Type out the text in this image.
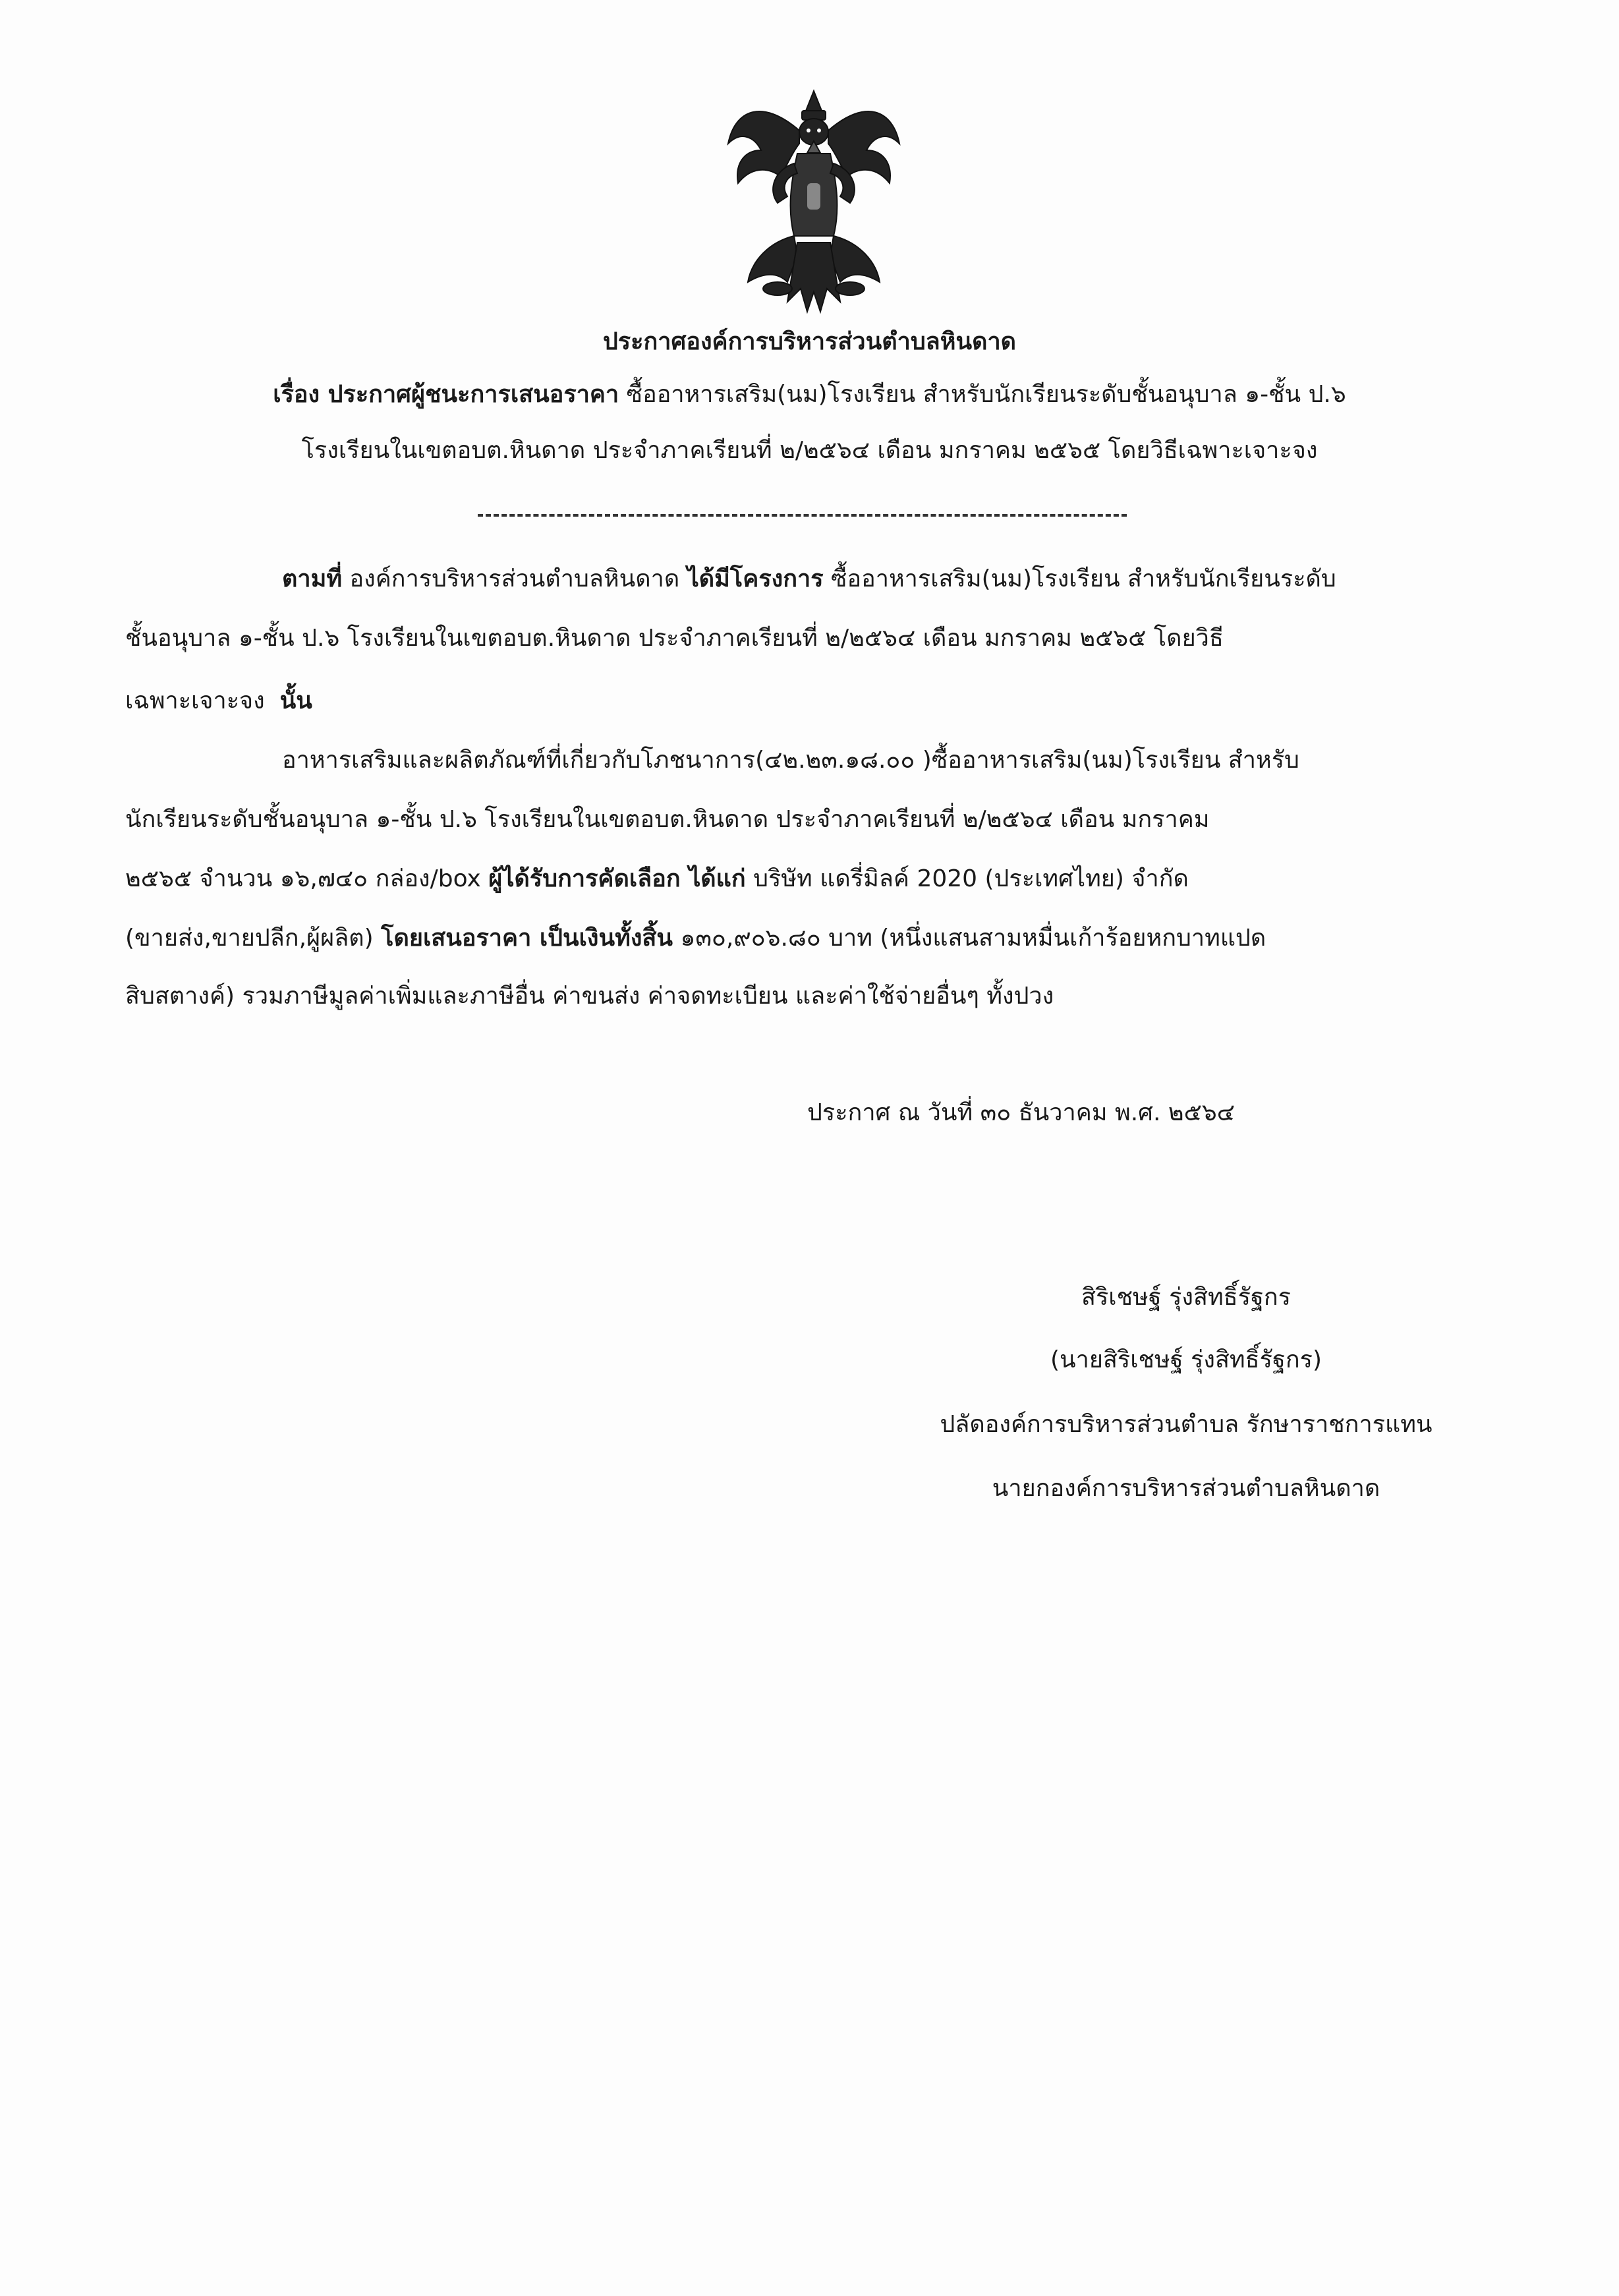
ประกาศองค์การบริหารส่วนตำบลหินดาด
เรื่อง ประกาศผู้ชนะการเสนอราคา ซื้ออาหารเสริม(นม)โรงเรียน สำหรับนักเรียนระดับชั้นอนุบาล ๑-ชั้น ป.๖
โรงเรียนในเขตอบต.หินดาด ประจำภาคเรียนที่ ๒/๒๕๖๔ เดือน มกราคม ๒๕๖๕ โดยวิธีเฉพาะเจาะจง
ตามที่ องค์การบริหารส่วนตำบลหินดาด ได้มีโครงการ ซื้ออาหารเสริม(นม)โรงเรียน สำหรับนักเรียนระดับ
ชั้นอนุบาล ๑-ชั้น ป.๖ โรงเรียนในเขตอบต.หินดาด ประจำภาคเรียนที่ ๒/๒๕๖๔ เดือน มกราคม ๒๕๖๕ โดยวิธี
เฉพาะเจาะจง นั้น
อาหารเสริมและผลิตภัณฑ์ที่เกี่ยวกับโภชนาการ(๔๒.๒๓.๑๘.๐๐ )ซื้ออาหารเสริม(นม)โรงเรียน สำหรับ
นักเรียนระดับชั้นอนุบาล ๑-ชั้น ป.๖ โรงเรียนในเขตอบต.หินดาด ประจำภาคเรียนที่ ๒/๒๕๖๔ เดือน มกราคม
๒๕๖๕ จำนวน ๑๖,๗๔๐ กล่อง/box ผู้ได้รับการคัดเลือก ได้แก่ บริษัท แดรี่มิลค์ 2020 (ประเทศไทย) จำกัด
(ขายส่ง,ขายปลีก,ผู้ผลิต) โดยเสนอราคา เป็นเงินทั้งสิ้น ๑๓๐,๙๐๖.๘๐ บาท (หนึ่งแสนสามหมื่นเก้าร้อยหกบาทแปด
สิบสตางค์) รวมภาษีมูลค่าเพิ่มและภาษีอื่น ค่าขนส่ง ค่าจดทะเบียน และค่าใช้จ่ายอื่นๆ ทั้งปวง
ประกาศ ณ วันที่ ๓๐ ธันวาคม พ.ศ. ๒๕๖๔
สิริเชษฐ์ รุ่งสิทธิ์รัฐกร
(นายสิริเชษฐ์ รุ่งสิทธิ์รัฐกร)
ปลัดองค์การบริหารส่วนตำบล รักษาราชการแทน
นายกองค์การบริหารส่วนตำบลหินดาด
